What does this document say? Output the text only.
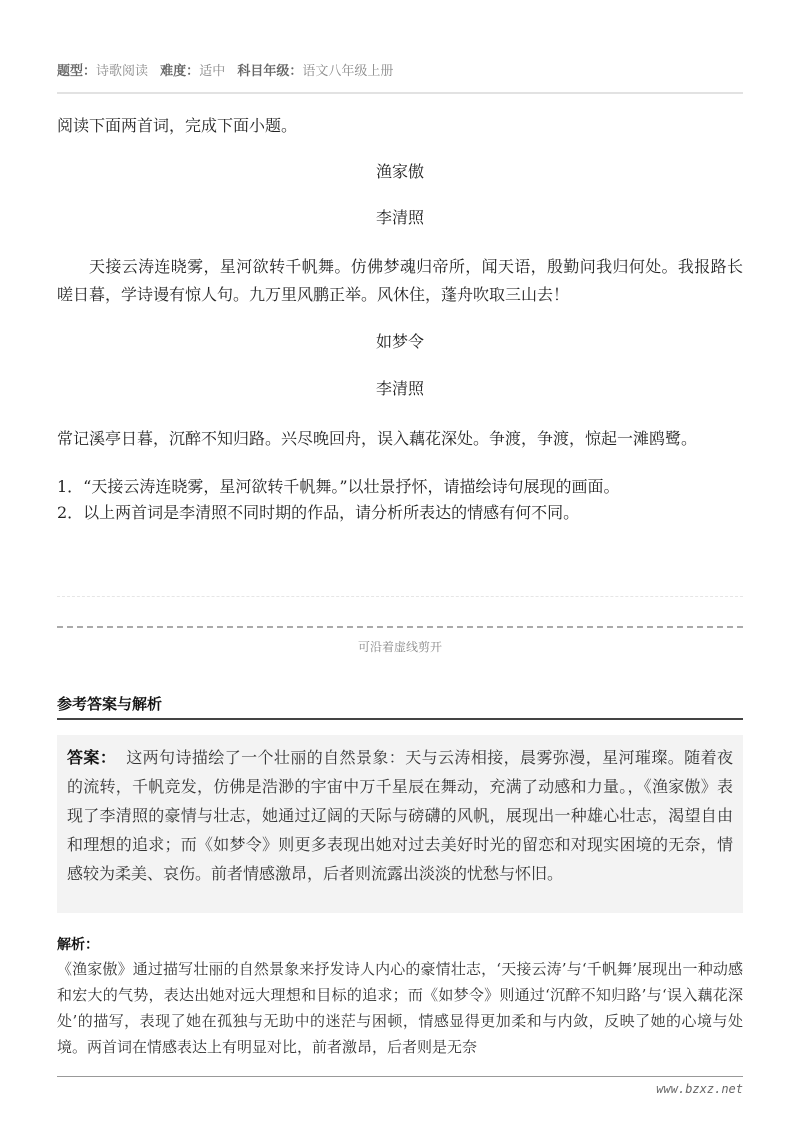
题型：诗歌阅读 难度：适中 科目年级：语文八年级上册
阅读下面两首词，完成下面小题。
渔家傲
李清照
天接云涛连晓雾，星河欲转千帆舞。仿佛梦魂归帝所，闻天语，殷勤问我归何处。我报路长嗟日暮，学诗谩有惊人句。九万里风鹏正举。风休住，蓬舟吹取三山去！
如梦令
李清照
常记溪亭日暮，沉醉不知归路。兴尽晚回舟，误入藕花深处。争渡，争渡，惊起一滩鸥鹭。
1．“天接云涛连晓雾，星河欲转千帆舞。”以壮景抒怀，请描绘诗句展现的画面。
2．以上两首词是李清照不同时期的作品，请分析所表达的情感有何不同。
可沿着虚线剪开
参考答案与解析
答案： 这两句诗描绘了一个壮丽的自然景象：天与云涛相接，晨雾弥漫，星河璀璨。随着夜的流转，千帆竞发，仿佛是浩渺的宇宙中万千星辰在舞动，充满了动感和力量。，《渔家傲》表现了李清照的豪情与壮志，她通过辽阔的天际与磅礴的风帆，展现出一种雄心壮志，渴望自由和理想的追求；而《如梦令》则更多表现出她对过去美好时光的留恋和对现实困境的无奈，情感较为柔美、哀伤。前者情感激昂，后者则流露出淡淡的忧愁与怀旧。
解析：
《渔家傲》通过描写壮丽的自然景象来抒发诗人内心的豪情壮志，‘天接云涛’与‘千帆舞’展现出一种动感和宏大的气势，表达出她对远大理想和目标的追求；而《如梦令》则通过‘沉醉不知归路’与‘误入藕花深处’的描写，表现了她在孤独与无助中的迷茫与困顿，情感显得更加柔和与内敛，反映了她的心境与处境。两首词在情感表达上有明显对比，前者激昂，后者则是无奈
www.bzxz.net
